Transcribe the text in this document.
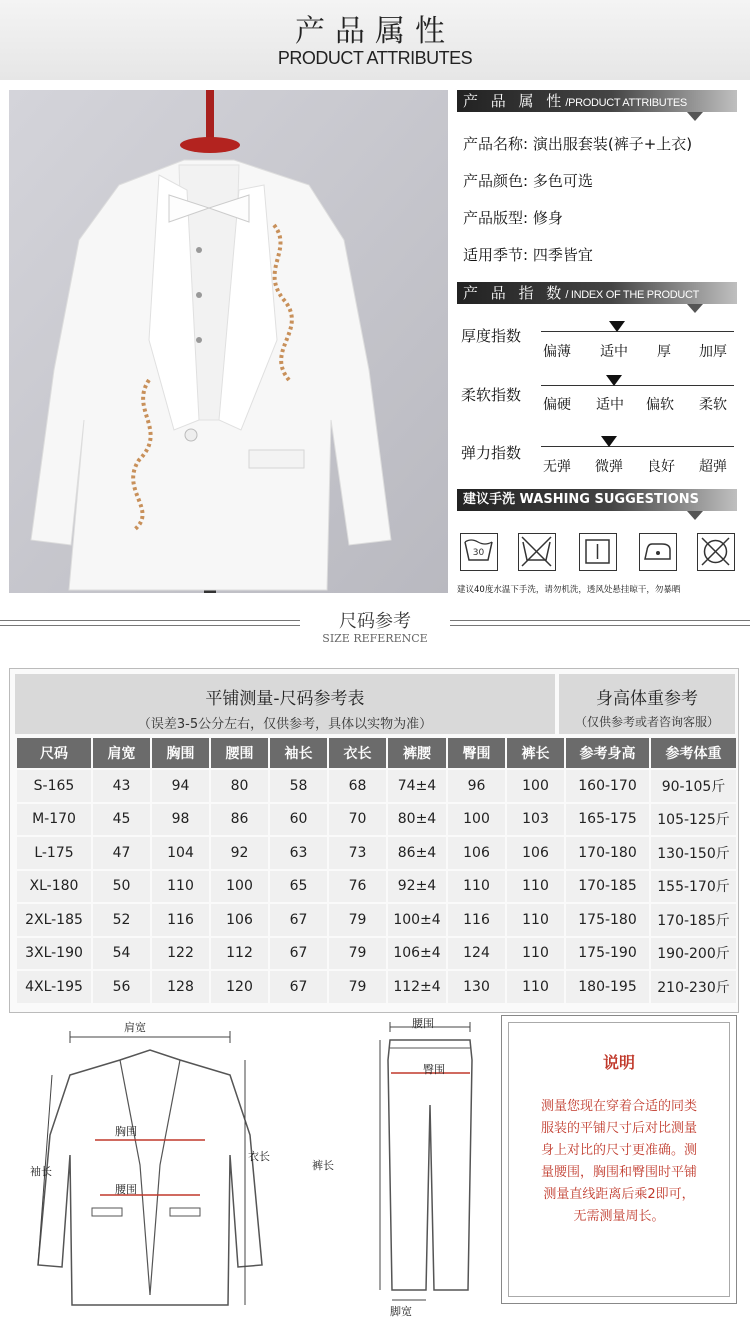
产品属性
PRODUCT ATTRIBUTES
产 品 属 性/PRODUCT ATTRIBUTES
产品名称: 演出服套装(裤子+上衣)
产品颜色: 多色可选
产品版型: 修身
适用季节: 四季皆宜
产 品 指 数/ INDEX OF THE PRODUCT
厚度指数
偏薄 适中 厚 加厚
柔软指数
偏硬 适中 偏软 柔软
弹力指数
无弹 微弹 良好 超弹
建议手洗 WASHING SUGGESTIONS
30
建议40度水温下手洗，请勿机洗，透风处悬挂晾干，勿暴晒
尺码参考
SIZE REFERENCE
平铺测量-尺码参考表
（误差3-5公分左右，仅供参考，具体以实物为准）
身高体重参考
（仅供参考或者咨询客服）
尺码	肩宽	胸围	腰围	袖长	衣长	裤腰	臀围	裤长	参考身高	参考体重
S-165	43	94	80	58	68	74±4	96	100	160-170	90-105斤
M-170	45	98	86	60	70	80±4	100	103	165-175	105-125斤
L-175	47	104	92	63	73	86±4	106	106	170-180	130-150斤
XL-180	50	110	100	65	76	92±4	110	110	170-185	155-170斤
2XL-185	52	116	106	67	79	100±4	116	110	175-180	170-185斤
3XL-190	54	122	112	67	79	106±4	124	110	175-190	190-200斤
4XL-195	56	128	120	67	79	112±4	130	110	180-195	210-230斤
肩宽
胸围
袖长
腰围
衣长
腰围
臀围
裤长
脚宽
说明
测量您现在穿着合适的同类
服装的平铺尺寸后对比测量
身上对比的尺寸更准确。测
量腰围，胸围和臀围时平铺
测量直线距离后乘2即可，
无需测量周长。
